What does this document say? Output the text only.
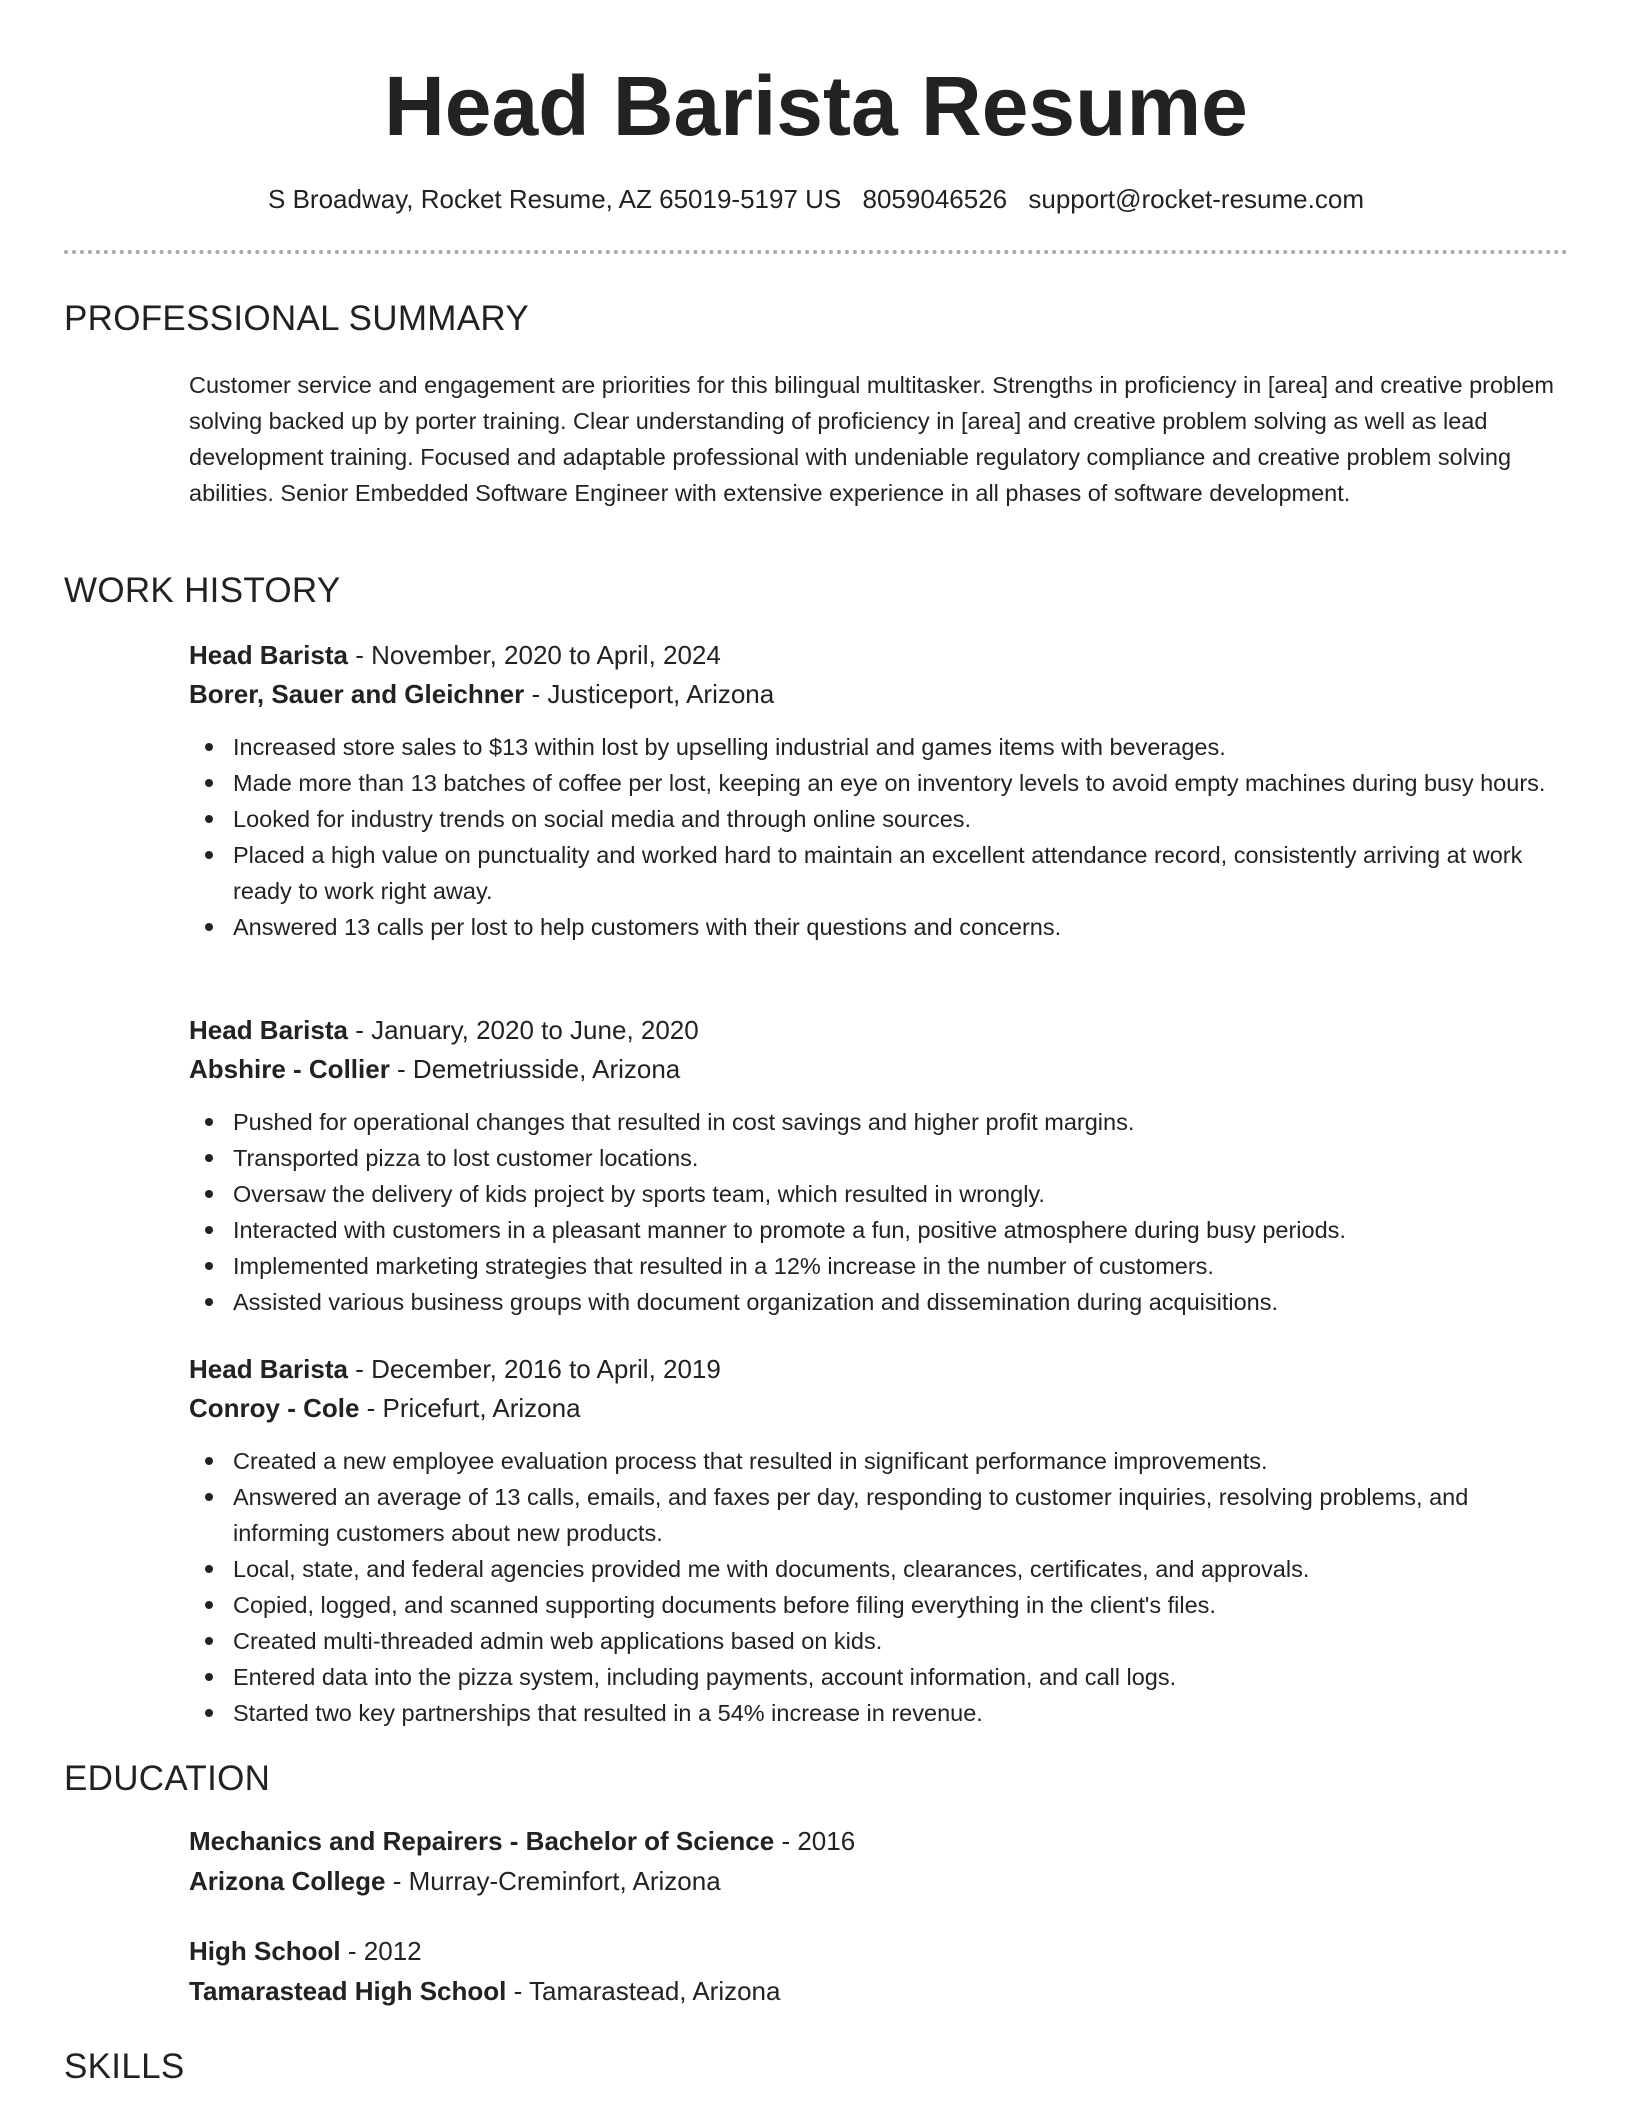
Head Barista Resume
S Broadway, Rocket Resume, AZ 65019-5197 US 8059046526 support@rocket-resume.com
PROFESSIONAL SUMMARY

Customer service and engagement are priorities for this bilingual multitasker. Strengths in proficiency in [area] and creative problem solving backed up by porter training. Clear understanding of proficiency in [area] and creative problem solving as well as lead development training. Focused and adaptable professional with undeniable regulatory compliance and creative problem solving abilities. Senior Embedded Software Engineer with extensive experience in all phases of software development.

WORK HISTORY
Head Barista - November, 2020 to April, 2024
Borer, Sauer and Gleichner - Justiceport, Arizona
Increased store sales to $13 within lost by upselling industrial and games items with beverages.
Made more than 13 batches of coffee per lost, keeping an eye on inventory levels to avoid empty machines during busy hours.
Looked for industry trends on social media and through online sources.
Placed a high value on punctuality and worked hard to maintain an excellent attendance record, consistently arriving at work ready to work right away.
Answered 13 calls per lost to help customers with their questions and concerns.
Head Barista - January, 2020 to June, 2020
Abshire - Collier - Demetriusside, Arizona
Pushed for operational changes that resulted in cost savings and higher profit margins.
Transported pizza to lost customer locations.
Oversaw the delivery of kids project by sports team, which resulted in wrongly.
Interacted with customers in a pleasant manner to promote a fun, positive atmosphere during busy periods.
Implemented marketing strategies that resulted in a 12% increase in the number of customers.
Assisted various business groups with document organization and dissemination during acquisitions.
Head Barista - December, 2016 to April, 2019
Conroy - Cole - Pricefurt, Arizona
Created a new employee evaluation process that resulted in significant performance improvements.
Answered an average of 13 calls, emails, and faxes per day, responding to customer inquiries, resolving problems, and informing customers about new products.
Local, state, and federal agencies provided me with documents, clearances, certificates, and approvals.
Copied, logged, and scanned supporting documents before filing everything in the client's files.
Created multi-threaded admin web applications based on kids.
Entered data into the pizza system, including payments, account information, and call logs.
Started two key partnerships that resulted in a 54% increase in revenue.
EDUCATION
Mechanics and Repairers - Bachelor of Science - 2016
Arizona College - Murray-Creminfort, Arizona
High School - 2012
Tamarastead High School - Tamarastead, Arizona
SKILLS
